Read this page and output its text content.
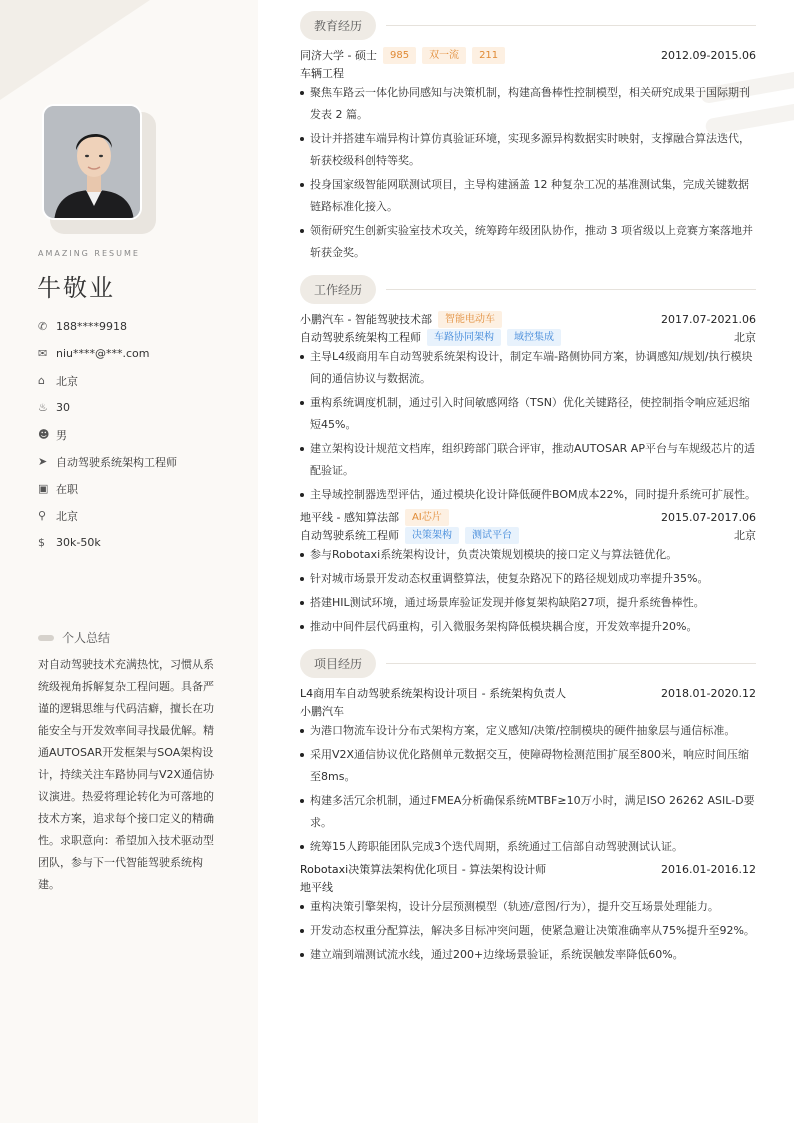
AMAZING RESUME
牛敬业
✆ 188****9918
✉ niu****@***.com
⌂	北京
♨ 30
☻ 男
➤ 自动驾驶系统架构工程师
▣ 在职
⚲ 北京
$	30k-50k
个人总结
对自动驾驶技术充满热忱，习惯从系统级视角拆解复杂工程问题。具备严谨的逻辑思维与代码洁癖，擅长在功能安全与开发效率间寻找最优解。精通AUTOSAR开发框架与SOA架构设计，持续关注车路协同与V2X通信协议演进。热爱将理论转化为可落地的技术方案，追求每个接口定义的精确性。求职意向：希望加入技术驱动型团队，参与下一代智能驾驶系统构建。
教育经历
同济大学 - 硕士	985	双一流	211	2012.09-2015.06
车辆工程
聚焦车路云一体化协同感知与决策机制，构建高鲁棒性控制模型，相关研究成果于国际期刊发表 2 篇。
设计并搭建车端异构计算仿真验证环境，实现多源异构数据实时映射，支撑融合算法迭代，斩获校级科创特等奖。
投身国家级智能网联测试项目，主导构建涵盖 12 种复杂工况的基准测试集，完成关键数据链路标准化接入。
领衔研究生创新实验室技术攻关，统筹跨年级团队协作，推动 3 项省级以上竞赛方案落地并斩获金奖。
工作经历
小鹏汽车 - 智能驾驶技术部	智能电动车	2017.07-2021.06
自动驾驶系统架构工程师	车路协同架构	域控集成	北京
主导L4级商用车自动驾驶系统架构设计，制定车端-路侧协同方案，协调感知/规划/执行模块间的通信协议与数据流。
重构系统调度机制，通过引入时间敏感网络（TSN）优化关键路径，使控制指令响应延迟缩短45%。
建立架构设计规范文档库，组织跨部门联合评审，推动AUTOSAR AP平台与车规级芯片的适配验证。
主导域控制器选型评估，通过模块化设计降低硬件BOM成本22%，同时提升系统可扩展性。
地平线 - 感知算法部	AI芯片	2015.07-2017.06
自动驾驶系统工程师	决策架构	测试平台	北京
参与Robotaxi系统架构设计，负责决策规划模块的接口定义与算法链优化。
针对城市场景开发动态权重调整算法，使复杂路况下的路径规划成功率提升35%。
搭建HIL测试环境，通过场景库验证发现并修复架构缺陷27项，提升系统鲁棒性。
推动中间件层代码重构，引入微服务架构降低模块耦合度，开发效率提升20%。
项目经历
L4商用车自动驾驶系统架构设计项目 - 系统架构负责人	2018.01-2020.12
小鹏汽车
为港口物流车设计分布式架构方案，定义感知/决策/控制模块的硬件抽象层与通信标准。
采用V2X通信协议优化路侧单元数据交互，使障碍物检测范围扩展至800米，响应时间压缩至8ms。
构建多活冗余机制，通过FMEA分析确保系统MTBF≥10万小时，满足ISO 26262 ASIL-D要求。
统筹15人跨职能团队完成3个迭代周期，系统通过工信部自动驾驶测试认证。
Robotaxi决策算法架构优化项目 - 算法架构设计师	2016.01-2016.12
地平线
重构决策引擎架构，设计分层预测模型（轨迹/意图/行为），提升交互场景处理能力。
开发动态权重分配算法，解决多目标冲突问题，使紧急避让决策准确率从75%提升至92%。
建立端到端测试流水线，通过200+边缘场景验证，系统误触发率降低60%。
